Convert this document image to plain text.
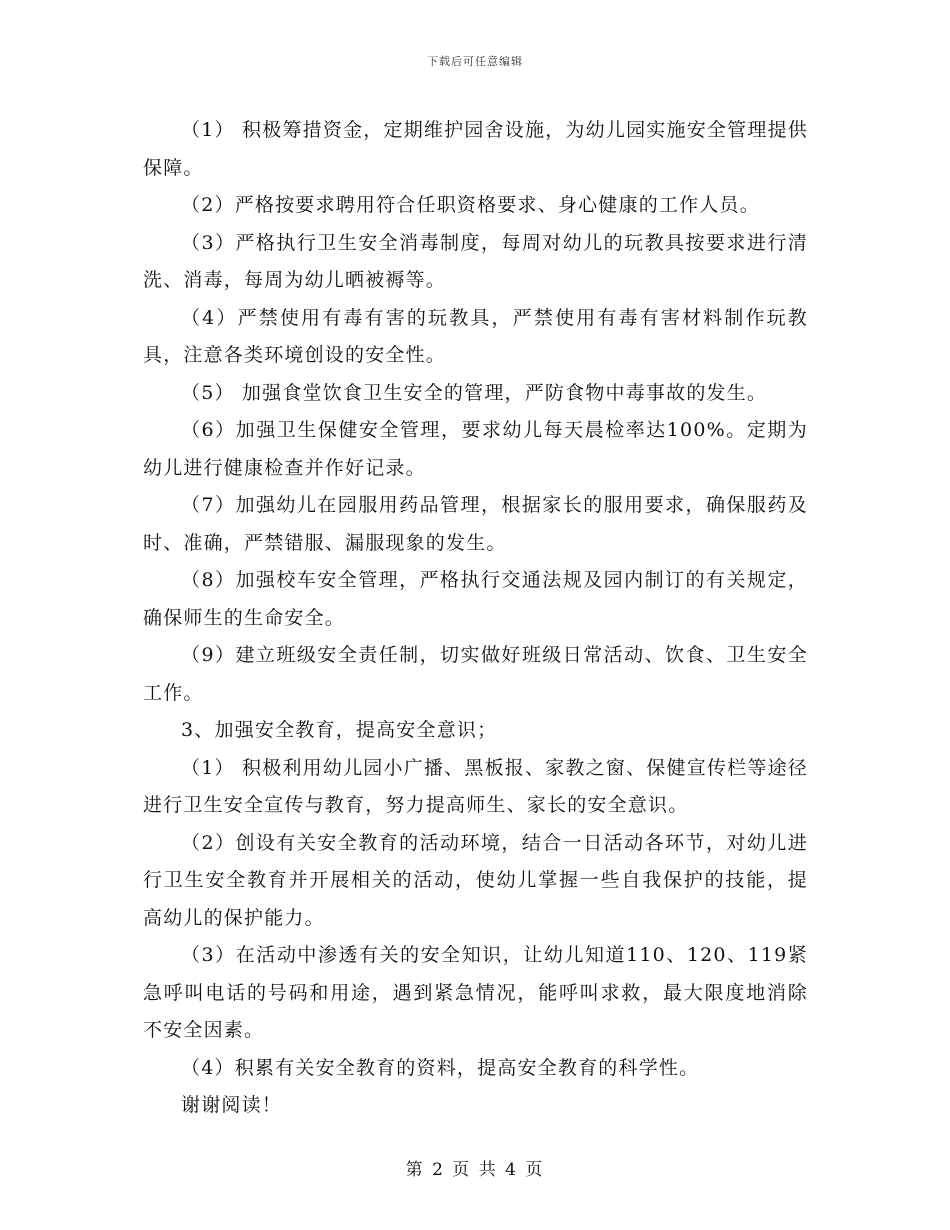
下载后可任意编辑

（1） 积极筹措资金，定期维护园舍设施，为幼儿园实施安全管理提供保障。

（2）严格按要求聘用符合任职资格要求、身心健康的工作人员。

（3）严格执行卫生安全消毒制度，每周对幼儿的玩教具按要求进行清洗、消毒，每周为幼儿晒被褥等。

（4）严禁使用有毒有害的玩教具，严禁使用有毒有害材料制作玩教具，注意各类环境创设的安全性。

（5） 加强食堂饮食卫生安全的管理，严防食物中毒事故的发生。

（6）加强卫生保健安全管理，要求幼儿每天晨检率达100%。定期为幼儿进行健康检查并作好记录。

（7）加强幼儿在园服用药品管理，根据家长的服用要求，确保服药及时、准确，严禁错服、漏服现象的发生。

（8）加强校车安全管理，严格执行交通法规及园内制订的有关规定，确保师生的生命安全。

（9）建立班级安全责任制，切实做好班级日常活动、饮食、卫生安全工作。

3、加强安全教育，提高安全意识；

（1） 积极利用幼儿园小广播、黑板报、家教之窗、保健宣传栏等途径进行卫生安全宣传与教育，努力提高师生、家长的安全意识。

（2）创设有关安全教育的活动环境，结合一日活动各环节，对幼儿进行卫生安全教育并开展相关的活动，使幼儿掌握一些自我保护的技能，提高幼儿的保护能力。

（3）在活动中渗透有关的安全知识，让幼儿知道110、120、119紧急呼叫电话的号码和用途，遇到紧急情况，能呼叫求救，最大限度地消除不安全因素。

（4）积累有关安全教育的资料，提高安全教育的科学性。

谢谢阅读！

第 2 页 共 4 页
